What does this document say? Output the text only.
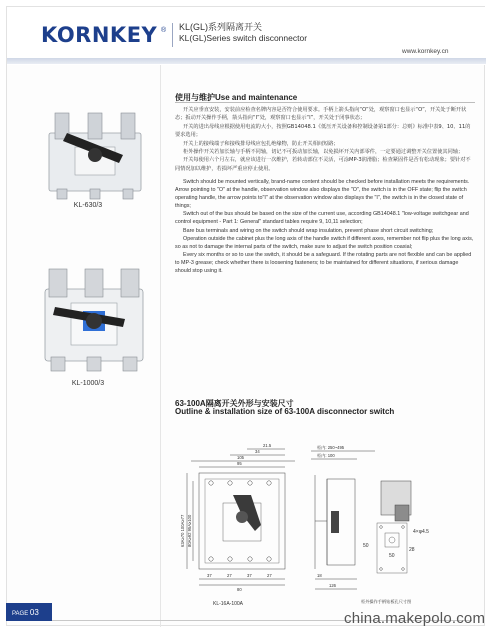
KORNKEY ® KL(GL)系列隔离开关
KL(GL)Series switch disconnector
www.kornkey.cn
KL-630/3
KL-1000/3
使用与维护Use and maintenance

开关应垂直安装，安装前应检查名牌内容是否符合使用要求。手柄上箭头指向“O”处，观察窗口也显示“O”，开关处于断开状态；扳动开关操作手柄，箭头指向“I”处，观察窗口也显示“I”，开关处于闭事状态；

开关的进出母线应根据使用电流的大小，按照GB14048.1《低压开关设备和控制设备第1部分：总则》标准中表9、10、11的要求选用；

开关上的接线端子和接线排母线应包扎绝缘物，防止开关相间短路；

柜外操作开关若加长轴与手柄不同轴，切记不可扳动加长轴，以免损坏开关内部零件，一定要通过调整开关位置使其同轴；

开关每使用六个月左右，就应该进行一次维护，若转动部位不灵活，可涂MP-3润滑脂；检查紧固件是否有松动现象；要针对不同情况加以维护，若损坏严重应停止使用。

Switch should be mounted vertically, brand-name content should be checked before installation meets the requirements. Arrow pointing to "O" at the handle, observation window also displays the "O", the switch is in the OFF state; flip the switch operating handle, the arrow points to"I" at the observation window also displays the "I", the switch is in the closed state of things;

Switch out of the bus should be based on the size of the current use, according GB14048.1 "low-voltage switchgear and control equipment - Part 1: General" standard tables require 9, 10,11 selection;

Bare bus terminals and wiring on the switch should wrap insulation, prevent phase short circuit switching;

Operation outside the cabinet plus the long axis of the handle switch if different axes, remember not flip plus the long axis, so as not to damage the internal parts of the switch, make sure to adjust the switch position coaxial;

Every six months or so to use the switch, it should be a safeguard. If the rotating parts are not flexible and can be applied to MP-3 grease; check whether there is loosening fasteners; to be maintained for different situations, if serious damage should stop using it.

63-100A隔离开关外形与安装尺寸
Outline & installation size of 63-100A disconnector switch
105
95
34
21.5
37	27	37	27
80
63A≥70 100A≥77 80A≥92 95A≥100
KL-16A-100A
柜内: 250~495
柜内: 100
126
18
4×φ4.5
50
50
28
柜外操作手柄钻板孔尺寸图
PAGE 03	china.makepolo.com
